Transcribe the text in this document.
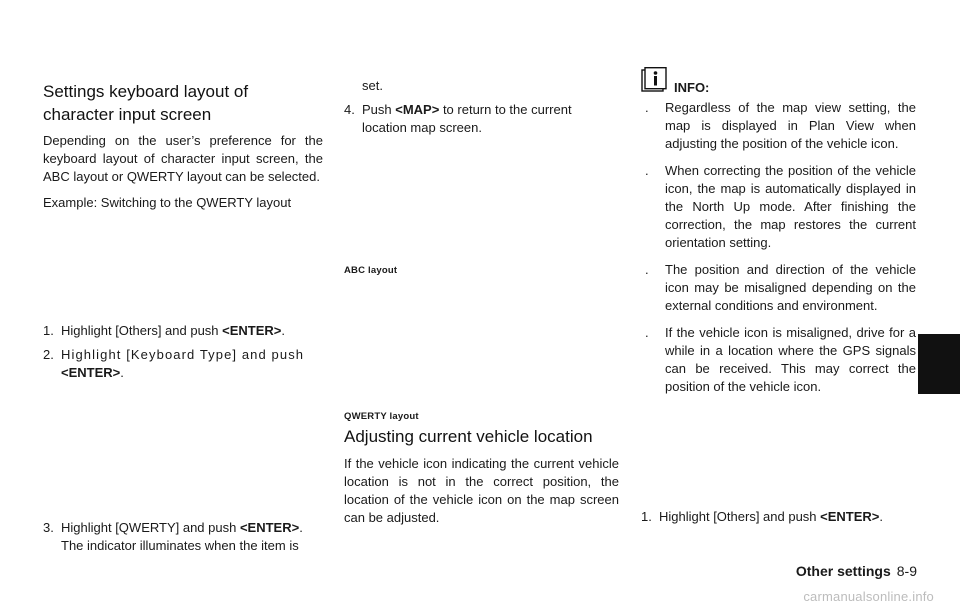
Settings keyboard layout of character input screen

Depending on the user’s preference for the keyboard layout of character input screen, the ABC layout or QWERTY layout can be selected.

Example: Switching to the QWERTY layout

1. Highlight [Others] and push <ENTER>.
2. Highlight [Keyboard Type] and push
<ENTER>.
3. Highlight [QWERTY] and push <ENTER>.
The indicator illuminates when the item is
set.
4. Push <MAP> to return to the current
location map screen.
ABC layout
QWERTY layout
Adjusting current vehicle location

If the vehicle icon indicating the current vehicle location is not in the correct position, the location of the vehicle icon on the map screen can be adjusted.

INFO:
. Regardless of the map view setting, the map is displayed in Plan View when adjusting the position of the vehicle icon.
. When correcting the position of the vehicle icon, the map is automatically displayed in the North Up mode. After finishing the correction, the map restores the current orientation setting.
. The position and direction of the vehicle icon may be misaligned depending on the external conditions and environment.
. If the vehicle icon is misaligned, drive for a while in a location where the GPS signals can be received. This may correct the position of the vehicle icon.
1. Highlight [Others] and push <ENTER>.
Other settings 8-9
carmanualsonline.info
